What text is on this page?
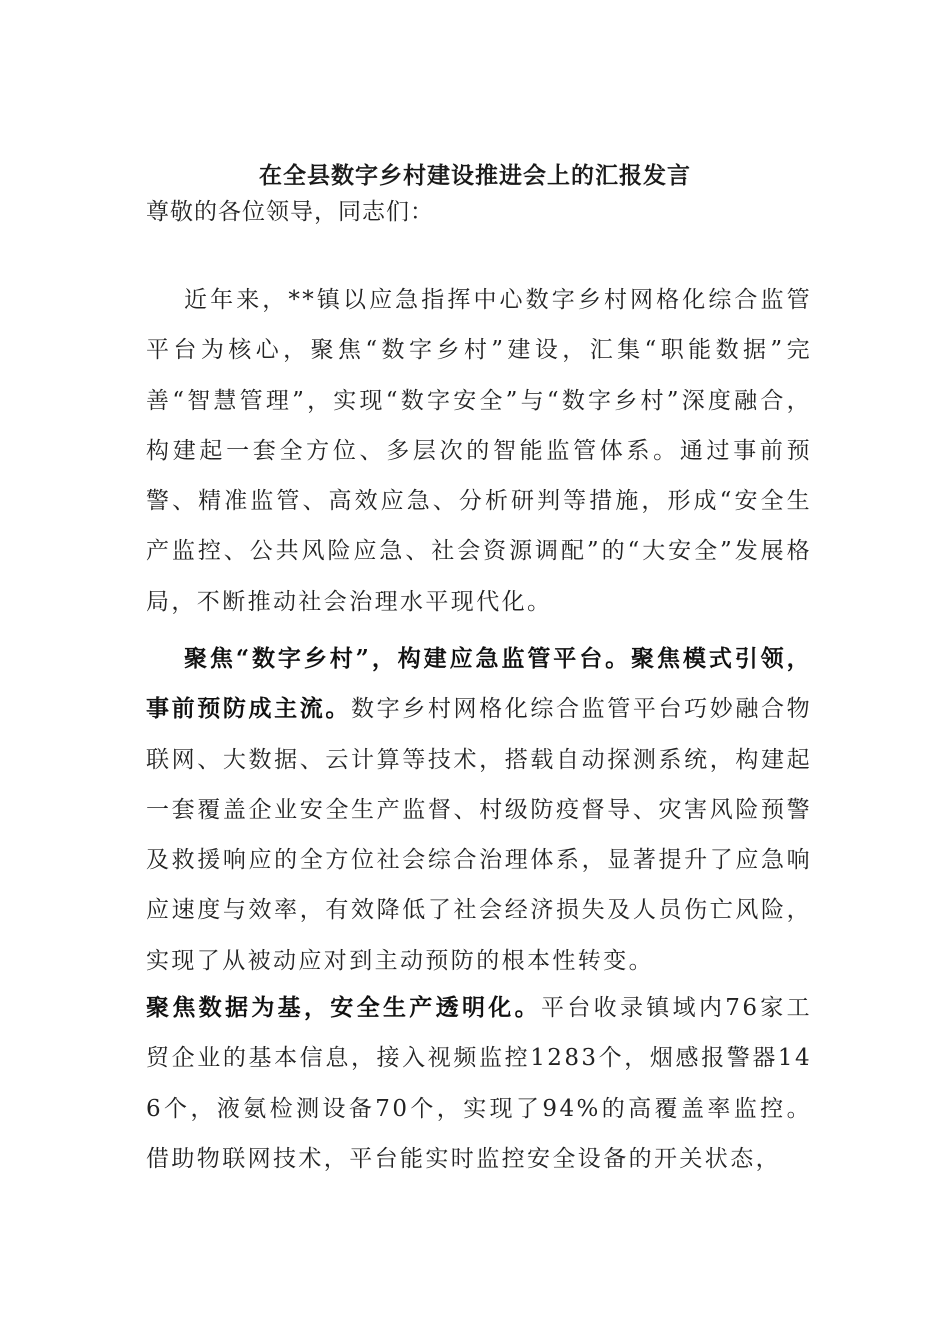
在全县数字乡村建设推进会上的汇报发言
尊敬的各位领导，同志们：

近年来，**镇以应急指挥中心数字乡村网格化综合监管平台为核心，聚焦“数字乡村”建设，汇集“职能数据”完善“智慧管理”，实现“数字安全”与“数字乡村”深度融合，构建起一套全方位、多层次的智能监管体系。通过事前预警、精准监管、高效应急、分析研判等措施，形成“安全生产监控、公共风险应急、社会资源调配”的“大安全”发展格局，不断推动社会治理水平现代化。

聚焦“数字乡村”，构建应急监管平台。聚焦模式引领，事前预防成主流。数字乡村网格化综合监管平台巧妙融合物联网、大数据、云计算等技术，搭载自动探测系统，构建起一套覆盖企业安全生产监督、村级防疫督导、灾害风险预警及救援响应的全方位社会综合治理体系，显著提升了应急响应速度与效率，有效降低了社会经济损失及人员伤亡风险，实现了从被动应对到主动预防的根本性转变。

聚焦数据为基，安全生产透明化。平台收录镇域内76家工贸企业的基本信息，接入视频监控1283个，烟感报警器146个，液氨检测设备70个，实现了94%的高覆盖率监控。借助物联网技术，平台能实时监控安全设备的开关状态，
